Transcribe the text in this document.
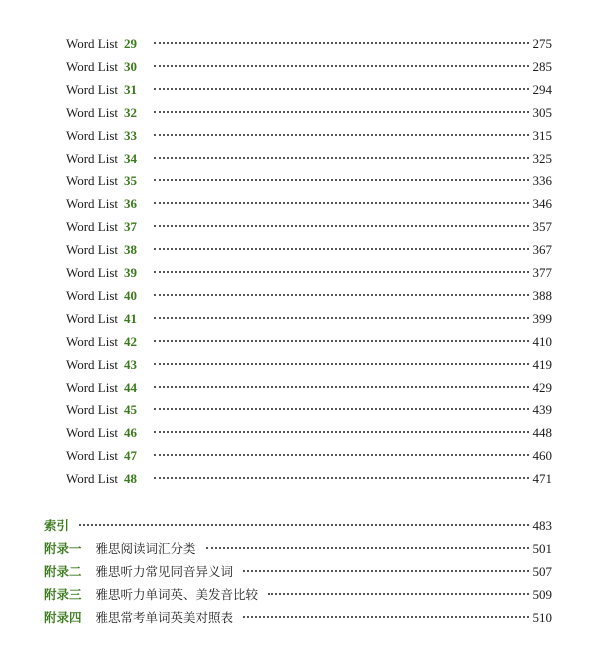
Word List 29	275
Word List 30	285
Word List 31	294
Word List 32	305
Word List 33	315
Word List 34	325
Word List 35	336
Word List 36	346
Word List 37	357
Word List 38	367
Word List 39	377
Word List 40	388
Word List 41	399
Word List 42	410
Word List 43	419
Word List 44	429
Word List 45	439
Word List 46	448
Word List 47	460
Word List 48	471
索引	483
附录一 雅思阅读词汇分类	501
附录二 雅思听力常见同音异义词	507
附录三 雅思听力单词英、美发音比较	509
附录四 雅思常考单词英美对照表	510
